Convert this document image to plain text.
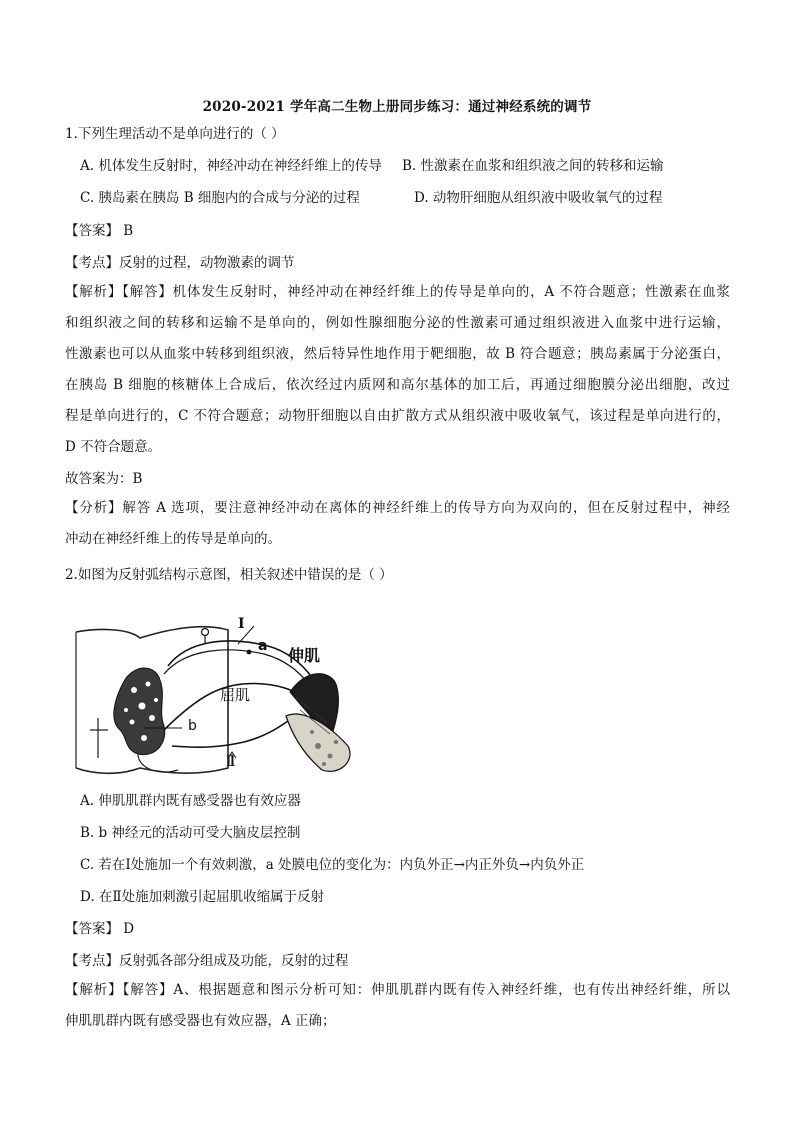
2020-2021 学年高二生物上册同步练习：通过神经系统的调节
1.下列生理活动不是单向进行的（ ）
A. 机体发生反射时，神经冲动在神经纤维上的传导 B. 性激素在血浆和组织液之间的转移和运输
C. 胰岛素在胰岛 B 细胞内的合成与分泌的过程	D. 动物肝细胞从组织液中吸收氧气的过程
【答案】 B
【考点】反射的过程，动物激素的调节
【解析】【解答】机体发生反射时，神经冲动在神经纤维上的传导是单向的，A 不符合题意；性激素在血浆
和组织液之间的转移和运输不是单向的，例如性腺细胞分泌的性激素可通过组织液进入血浆中进行运输，
性激素也可以从血浆中转移到组织液，然后特异性地作用于靶细胞，故 B 符合题意；胰岛素属于分泌蛋白，
在胰岛 B 细胞的核糖体上合成后，依次经过内质网和高尔基体的加工后，再通过细胞膜分泌出细胞，改过
程是单向进行的，C 不符合题意；动物肝细胞以自由扩散方式从组织液中吸收氧气，该过程是单向进行的，
D 不符合题意。
故答案为：B
【分析】解答 A 选项，要注意神经冲动在离体的神经纤维上的传导方向为双向的，但在反射过程中，神经
冲动在神经纤维上的传导是单向的。
2.如图为反射弧结构示意图，相关叙述中错误的是（ ）
I
a 伸肌
屈肌
b
Ⅱ
A. 伸肌肌群内既有感受器也有效应器
B. b 神经元的活动可受大脑皮层控制
C. 若在Ⅰ处施加一个有效刺激，a 处膜电位的变化为：内负外正→内正外负→内负外正
D. 在Ⅱ处施加刺激引起屈肌收缩属于反射
【答案】 D
【考点】反射弧各部分组成及功能，反射的过程
【解析】【解答】A、根据题意和图示分析可知：伸肌肌群内既有传入神经纤维，也有传出神经纤维，所以
伸肌肌群内既有感受器也有效应器，A 正确；
